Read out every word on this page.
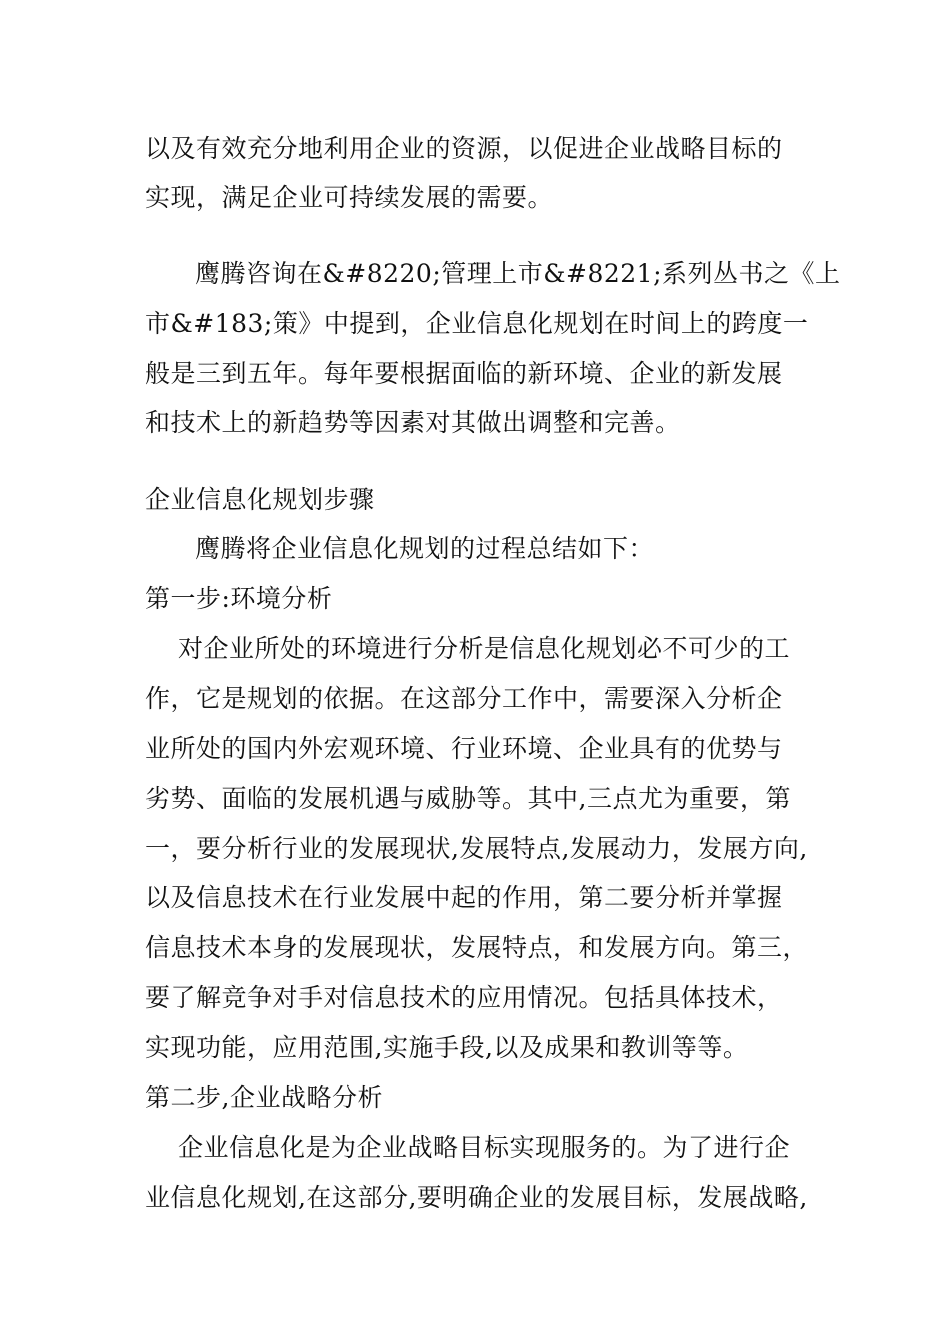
以及有效充分地利用企业的资源，以促进企业战略目标的
实现，满足企业可持续发展的需要。
鹰腾咨询在&#8220;管理上市&#8221;系列丛书之《上
市&#183;策》中提到，企业信息化规划在时间上的跨度一
般是三到五年。每年要根据面临的新环境、企业的新发展
和技术上的新趋势等因素对其做出调整和完善。
企业信息化规划步骤
鹰腾将企业信息化规划的过程总结如下：
第一步:环境分析
对企业所处的环境进行分析是信息化规划必不可少的工
作，它是规划的依据。在这部分工作中，需要深入分析企
业所处的国内外宏观环境、行业环境、企业具有的优势与
劣势、面临的发展机遇与威胁等。其中,三点尤为重要，第
一，要分析行业的发展现状,发展特点,发展动力，发展方向,
以及信息技术在行业发展中起的作用，第二要分析并掌握
信息技术本身的发展现状，发展特点，和发展方向。第三，
要了解竞争对手对信息技术的应用情况。包括具体技术，
实现功能，应用范围,实施手段,以及成果和教训等等。
第二步,企业战略分析
企业信息化是为企业战略目标实现服务的。为了进行企
业信息化规划,在这部分,要明确企业的发展目标，发展战略,
